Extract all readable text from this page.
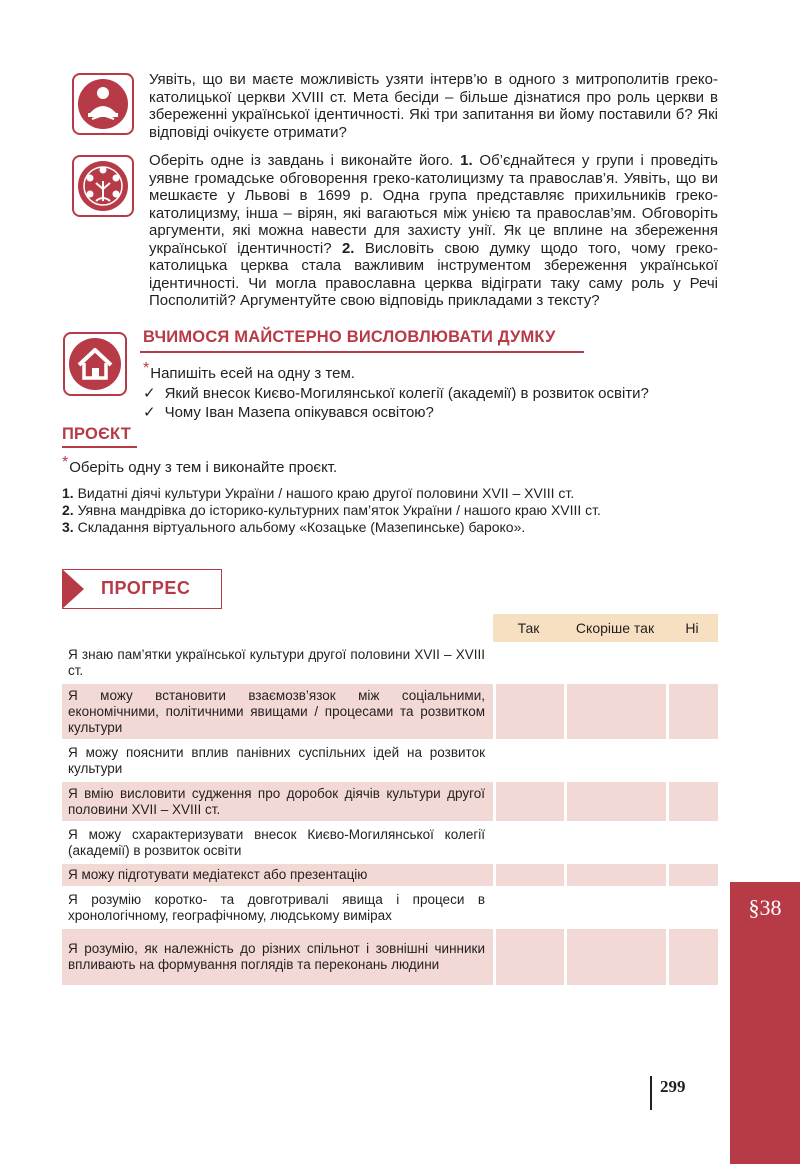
Уявіть, що ви маєте можливість узяти інтерв’ю в одного з митрополитів греко-католицької церкви XVIII ст. Мета бесіди – більше дізнатися про роль церкви в збереженні української ідентичності. Які три запитання ви йому поставили б? Які відповіді очікуєте отримати?

Оберіть одне із завдань і виконайте його. 1. Об’єднайтеся у групи і проведіть уявне громадське обговорення греко-католицизму та православ’я. Уявіть, що ви мешкаєте у Львові в 1699 р. Одна група представляє прихильників греко-католицизму, інша – вірян, які вагаються між унією та православ’ям. Обговоріть аргументи, які можна навести для захисту унії. Як це вплине на збереження української ідентичності? 2. Висловіть свою думку щодо того, чому греко-католицька церква стала важливим інструментом збереження української ідентичності. Чи могла православна церква відіграти таку саму роль у Речі Посполитій? Аргументуйте свою відповідь прикладами з тексту?

ВЧИМОСЯ МАЙСТЕРНО ВИСЛОВЛЮВАТИ ДУМКУ
*Напишіть есей на одну з тем.
✓ Який внесок Києво-Могилянської колегії (академії) в розвиток освіти?
✓ Чому Іван Мазепа опікувався освітою?
ПРОЄКТ
*Оберіть одну з тем і виконайте проєкт.
1. Видатні діячі культури України / нашого краю другої половини XVII – XVIII ст.
2. Уявна мандрівка до історико-культурних пам’яток України / нашого краю XVIII ст.
3. Складання віртуального альбому «Козацьке (Мазепинське) бароко».
ПРОГРЕС
	Так	Скоріше так	Ні
Я знаю пам’ятки української культури другої половини XVII – XVIII ст.			
Я можу встановити взаємозв’язок між соціальними, економічними, політичними явищами / процесами та розвитком культури			
Я можу пояснити вплив панівних суспільних ідей на розвиток культури			
Я вмію висловити судження про доробок діячів культури другої половини XVII – XVIII ст.			
Я можу схарактеризувати внесок Києво-Могилянської колегії (академії) в розвиток освіти			
Я можу підготувати медіатекст або презентацію			
Я розумію коротко- та довготривалі явища і процеси в хронологічному, географічному, людському вимірах			
Я розумію, як належність до різних спільнот і зовнішні чинники впливають на формування поглядів та переконань людини			
§38
299
